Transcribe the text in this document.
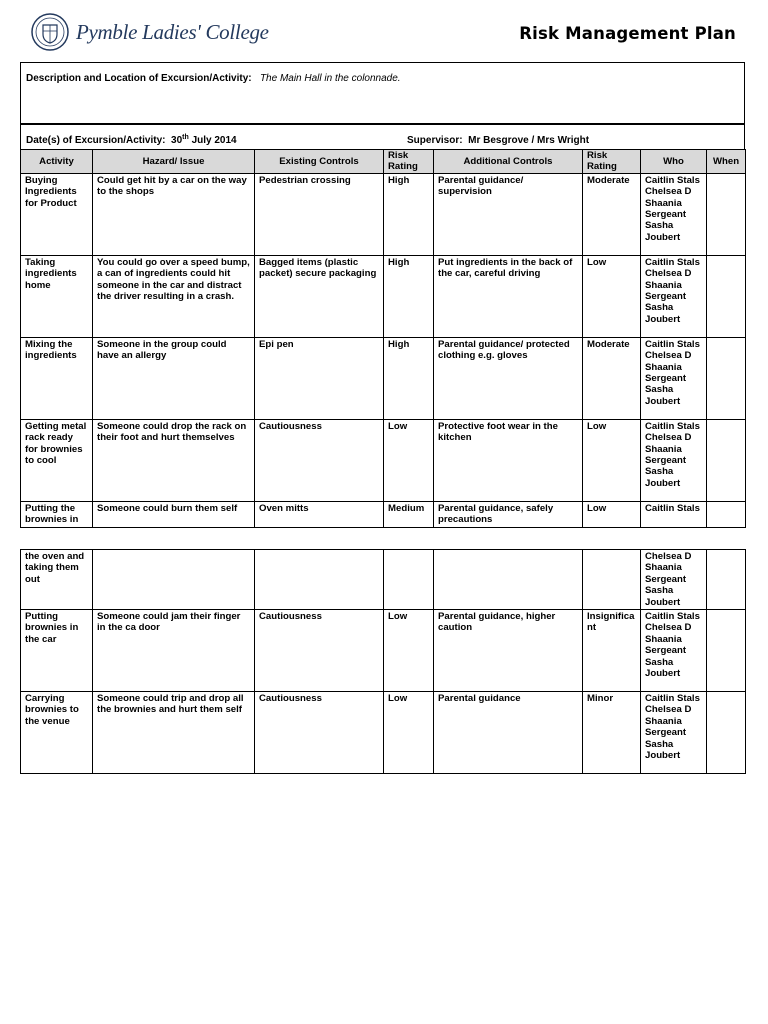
Pymble Ladies' College	Risk Management Plan
Description and Location of Excursion/Activity: The Main Hall in the colonnade.
Date(s) of Excursion/Activity: 30th July 2014	Supervisor: Mr Besgrove / Mrs Wright
Activity	Hazard/ Issue	Existing Controls	Risk Rating	Additional Controls	Risk Rating	Who	When
Buying Ingredients for Product	Could get hit by a car on the way to the shops	Pedestrian crossing	High	Parental guidance/ supervision	Moderate	Caitlin Stals Chelsea D Shaania Sergeant Sasha Joubert	
Taking ingredients home	You could go over a speed bump, a can of ingredients could hit someone in the car and distract the driver resulting in a crash.	Bagged items (plastic packet) secure packaging	High	Put ingredients in the back of the car, careful driving	Low	Caitlin Stals Chelsea D Shaania Sergeant Sasha Joubert	
Mixing the ingredients	Someone in the group could have an allergy	Epi pen	High	Parental guidance/ protected clothing e.g. gloves	Moderate	Caitlin Stals Chelsea D Shaania Sergeant Sasha Joubert	
Getting metal rack ready for brownies to cool	Someone could drop the rack on their foot and hurt themselves	Cautiousness	Low	Protective foot wear in the kitchen	Low	Caitlin Stals Chelsea D Shaania Sergeant Sasha Joubert	
Putting the brownies in	Someone could burn them self	Oven mitts	Medium	Parental guidance, safely precautions	Low	Caitlin Stals	
the oven and taking them out						Chelsea D Shaania Sergeant Sasha Joubert	
Putting brownies in the car	Someone could jam their finger in the ca door	Cautiousness	Low	Parental guidance, higher caution	Insignificant	Caitlin Stals Chelsea D Shaania Sergeant Sasha Joubert	
Carrying brownies to the venue	Someone could trip and drop all the brownies and hurt them self	Cautiousness	Low	Parental guidance	Minor	Caitlin Stals Chelsea D Shaania Sergeant Sasha Joubert	
